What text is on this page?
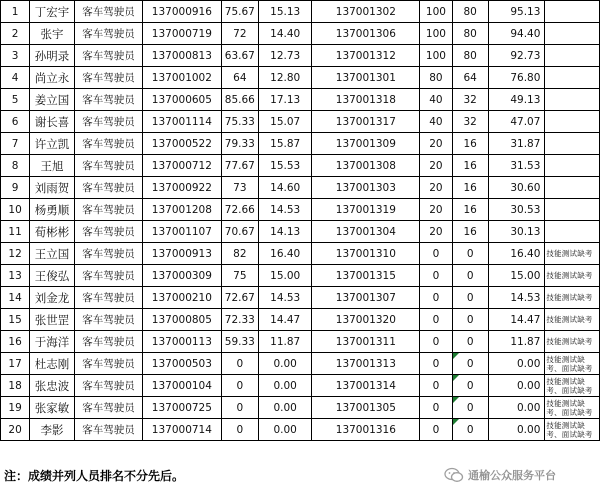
1	丁宏宇	客车驾驶员	137000916	75.67	15.13	137001302	100	80	95.13	
2	张宇	客车驾驶员	137000719	72	14.40	137001306	100	80	94.40	
3	孙明录	客车驾驶员	137000813	63.67	12.73	137001312	100	80	92.73	
4	尚立永	客车驾驶员	137001002	64	12.80	137001301	80	64	76.80	
5	姜立国	客车驾驶员	137000605	85.66	17.13	137001318	40	32	49.13	
6	谢长喜	客车驾驶员	137001114	75.33	15.07	137001317	40	32	47.07	
7	许立凯	客车驾驶员	137000522	79.33	15.87	137001309	20	16	31.87	
8	王旭	客车驾驶员	137000712	77.67	15.53	137001308	20	16	31.53	
9	刘雨贺	客车驾驶员	137000922	73	14.60	137001303	20	16	30.60	
10	杨勇顺	客车驾驶员	137001208	72.66	14.53	137001319	20	16	30.53	
11	荀彬彬	客车驾驶员	137001107	70.67	14.13	137001304	20	16	30.13	
12	王立国	客车驾驶员	137000913	82	16.40	137001310	0	0	16.40	技能测试缺考
13	王俊弘	客车驾驶员	137000309	75	15.00	137001315	0	0	15.00	技能测试缺考
14	刘金龙	客车驾驶员	137000210	72.67	14.53	137001307	0	0	14.53	技能测试缺考
15	张世罡	客车驾驶员	137000805	72.33	14.47	137001320	0	0	14.47	技能测试缺考
16	于海洋	客车驾驶员	137000113	59.33	11.87	137001311	0	0	11.87	技能测试缺考
17	杜志刚	客车驾驶员	137000503	0	0.00	137001313	0	0	0.00	技能测试缺考、面试缺考
18	张忠波	客车驾驶员	137000104	0	0.00	137001314	0	0	0.00	技能测试缺考、面试缺考
19	张家敏	客车驾驶员	137000725	0	0.00	137001305	0	0	0.00	技能测试缺考、面试缺考
20	李影	客车驾驶员	137000714	0	0.00	137001316	0	0	0.00	技能测试缺考、面试缺考
注：成绩并列人员排名不分先后。	通榆公众服务平台
